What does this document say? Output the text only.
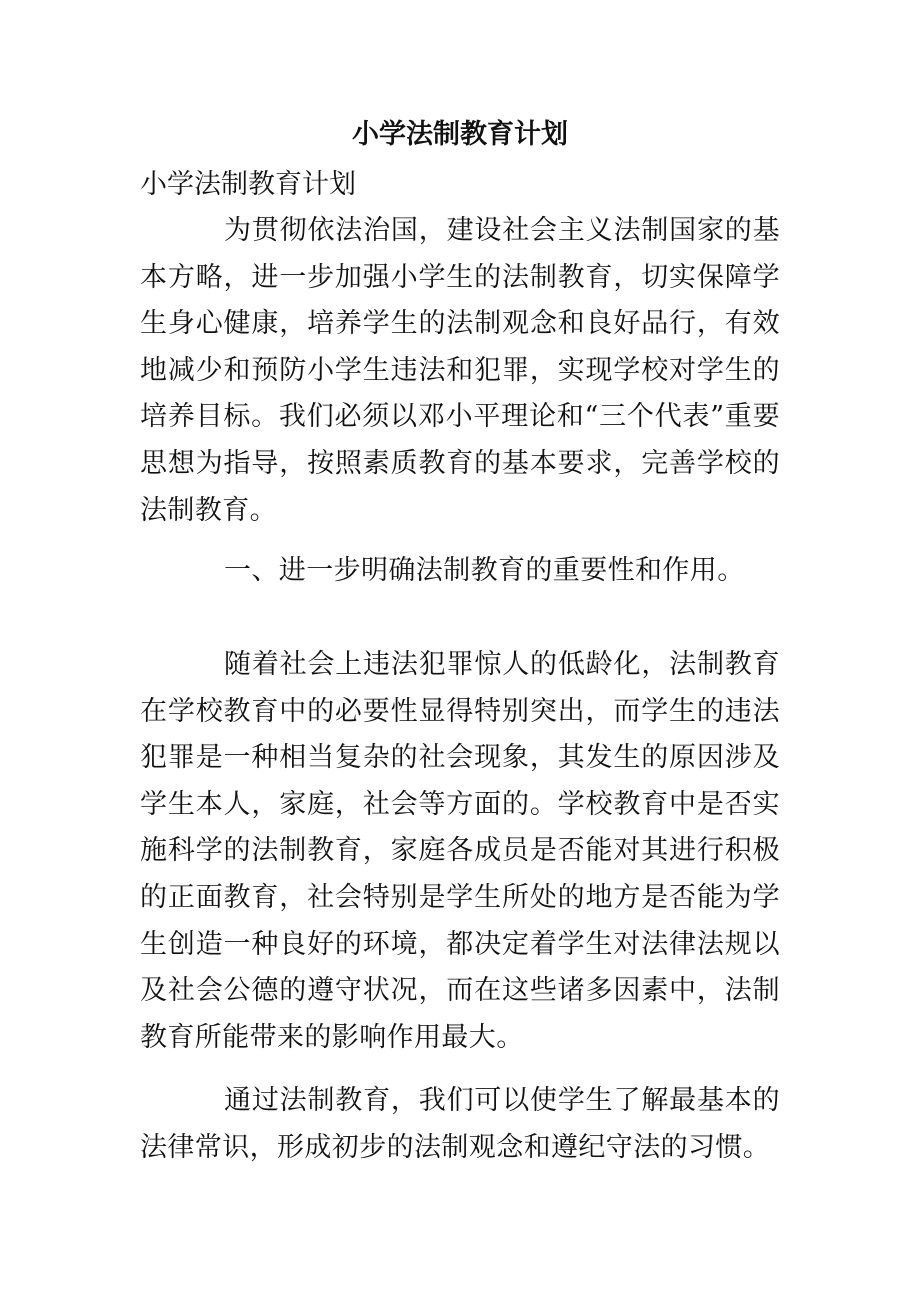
小学法制教育计划

小学法制教育计划

为贯彻依法治国，建设社会主义法制国家的基本方略，进一步加强小学生的法制教育，切实保障学生身心健康，培养学生的法制观念和良好品行，有效地减少和预防小学生违法和犯罪，实现学校对学生的培养目标。我们必须以邓小平理论和“三个代表”重要思想为指导，按照素质教育的基本要求，完善学校的法制教育。

一、进一步明确法制教育的重要性和作用。

随着社会上违法犯罪惊人的低龄化，法制教育在学校教育中的必要性显得特别突出，而学生的违法犯罪是一种相当复杂的社会现象，其发生的原因涉及学生本人，家庭，社会等方面的。学校教育中是否实施科学的法制教育，家庭各成员是否能对其进行积极的正面教育，社会特别是学生所处的地方是否能为学生创造一种良好的环境，都决定着学生对法律法规以及社会公德的遵守状况，而在这些诸多因素中，法制教育所能带来的影响作用最大。

通过法制教育，我们可以使学生了解最基本的法律常识，形成初步的法制观念和遵纪守法的习惯。
